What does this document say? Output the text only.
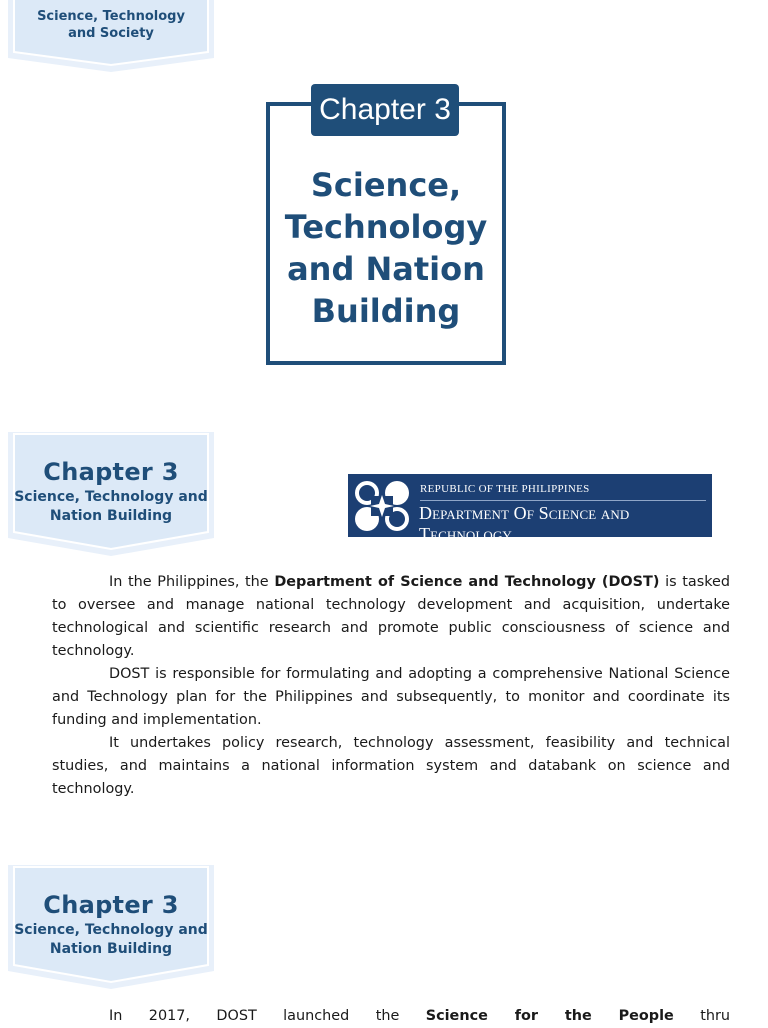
Science, Technology
and Society
Chapter 3
Science,
Technology
and Nation
Building
Chapter 3
Science, Technology and
Nation Building
REPUBLIC OF THE PHILIPPINES
Department Of Science and Technology

In the Philippines, the Department of Science and Technology (DOST) is tasked to oversee and manage national technology development and acquisition, undertake technological and scientific research and promote public consciousness of science and technology.

DOST is responsible for formulating and adopting a comprehensive National Science and Technology plan for the Philippines and subsequently, to monitor and coordinate its funding and implementation.

It undertakes policy research, technology assessment, feasibility and technical studies, and maintains a national information system and databank on science and technology.

Chapter 3
Science, Technology and
Nation Building

In 2017, DOST launched the Science for the People thru
